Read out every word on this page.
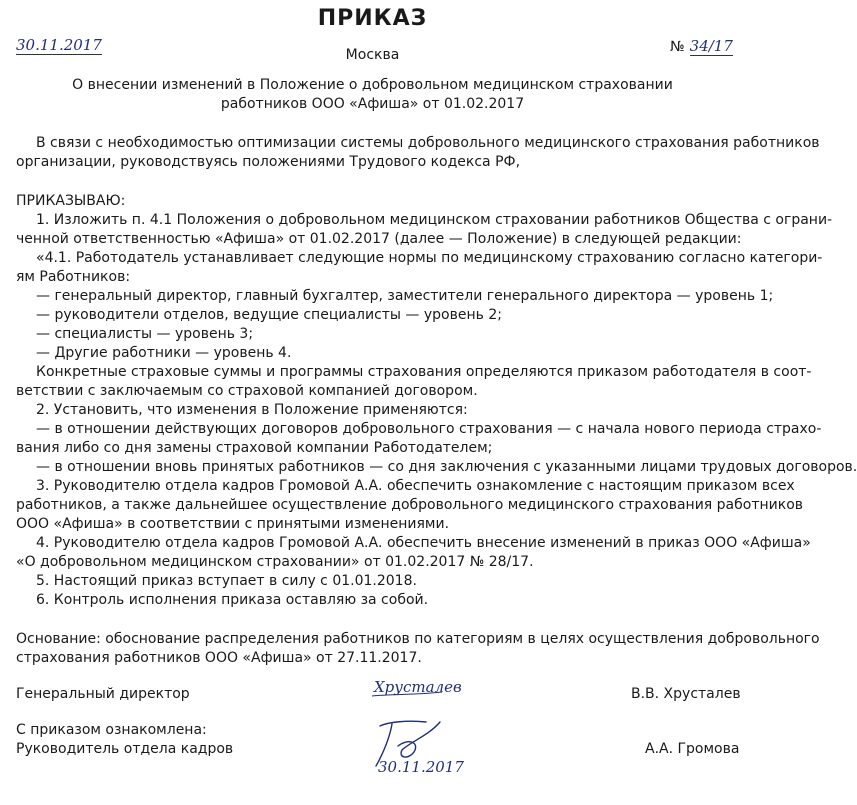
ПРИКАЗ
30.11.2017
Москва	№ 34/17
О внесении изменений в Положение о добровольном медицинском страховании
работников ООО «Афиша» от 01.02.2017
В связи с необходимостью оптимизации системы добровольного медицинского страхования работников
организации, руководствуясь положениями Трудового кодекса РФ,
ПРИКАЗЫВАЮ:
1. Изложить п. 4.1 Положения о добровольном медицинском страховании работников Общества с ограни-
ченной ответственностью «Афиша» от 01.02.2017 (далее — Положение) в следующей редакции:
«4.1. Работодатель устанавливает следующие нормы по медицинскому страхованию согласно категори-
ям Работников:
— генеральный директор, главный бухгалтер, заместители генерального директора — уровень 1;
— руководители отделов, ведущие специалисты — уровень 2;
— специалисты — уровень 3;
— Другие работники — уровень 4.
Конкретные страховые суммы и программы страхования определяются приказом работодателя в соот-
ветствии с заключаемым со страховой компанией договором.
2. Установить, что изменения в Положение применяются:
— в отношении действующих договоров добровольного страхования — с начала нового периода страхо-
вания либо со дня замены страховой компании Работодателем;
— в отношении вновь принятых работников — со дня заключения с указанными лицами трудовых договоров.
3. Руководителю отдела кадров Громовой А.А. обеспечить ознакомление с настоящим приказом всех
работников, а также дальнейшее осуществление добровольного медицинского страхования работников
ООО «Афиша» в соответствии с принятыми изменениями.
4. Руководителю отдела кадров Громовой А.А. обеспечить внесение изменений в приказ ООО «Афиша»
«О добровольном медицинском страховании» от 01.02.2017 № 28/17.
5. Настоящий приказ вступает в силу с 01.01.2018.
6. Контроль исполнения приказа оставляю за собой.
Основание: обоснование распределения работников по категориям в целях осуществления добровольного
страхования работников ООО «Афиша» от 27.11.2017.
Генеральный директор	Хрусталев	В.В. Хрусталев
С приказом ознакомлена:
Руководитель отдела кадров
30.11.2017
А.А. Громова
